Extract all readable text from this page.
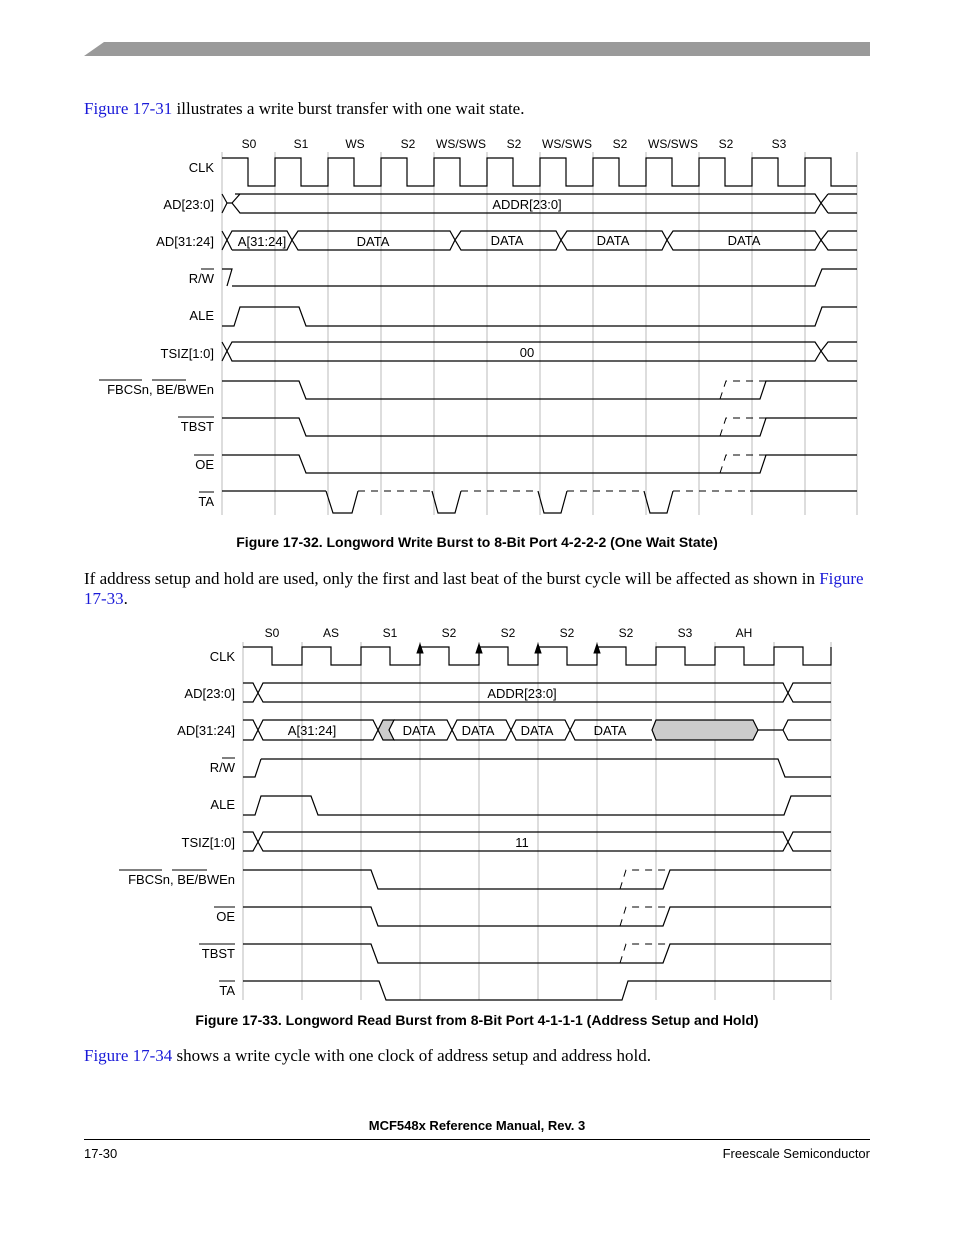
Figure 17-31 illustrates a write burst transfer with one wait state.

S0	S1	WS	S2 WS/SWS S2 WS/SWS S2 WS/SWS S2	S3
CLK
AD[23:0]
AD[31:24]
R/W
ALE
TSIZ[1:0]
FBCSn, BE/BWEn
TBST
OE
TA
ADDR[23:0]
A[31:24]	DATA	DATA	DATA	DATA
00
Figure 17-32. Longword Write Burst to 8-Bit Port 4-2-2-2 (One Wait State)

If address setup and hold are used, only the first and last beat of the burst cycle will be affected as shown in Figure 17-33.

S0	AS	S1	S2	S2	S2	S2	S3	AH
CLK
AD[23:0]
AD[31:24]
R/W
ALE
TSIZ[1:0]
FBCSn, BE/BWEn
OE
TBST
TA
ADDR[23:0]
A[31:24]	DATA DATA DATA	DATA
11
Figure 17-33. Longword Read Burst from 8-Bit Port 4-1-1-1 (Address Setup and Hold)

Figure 17-34 shows a write cycle with one clock of address setup and address hold.

MCF548x Reference Manual, Rev. 3
17-30	Freescale Semiconductor
